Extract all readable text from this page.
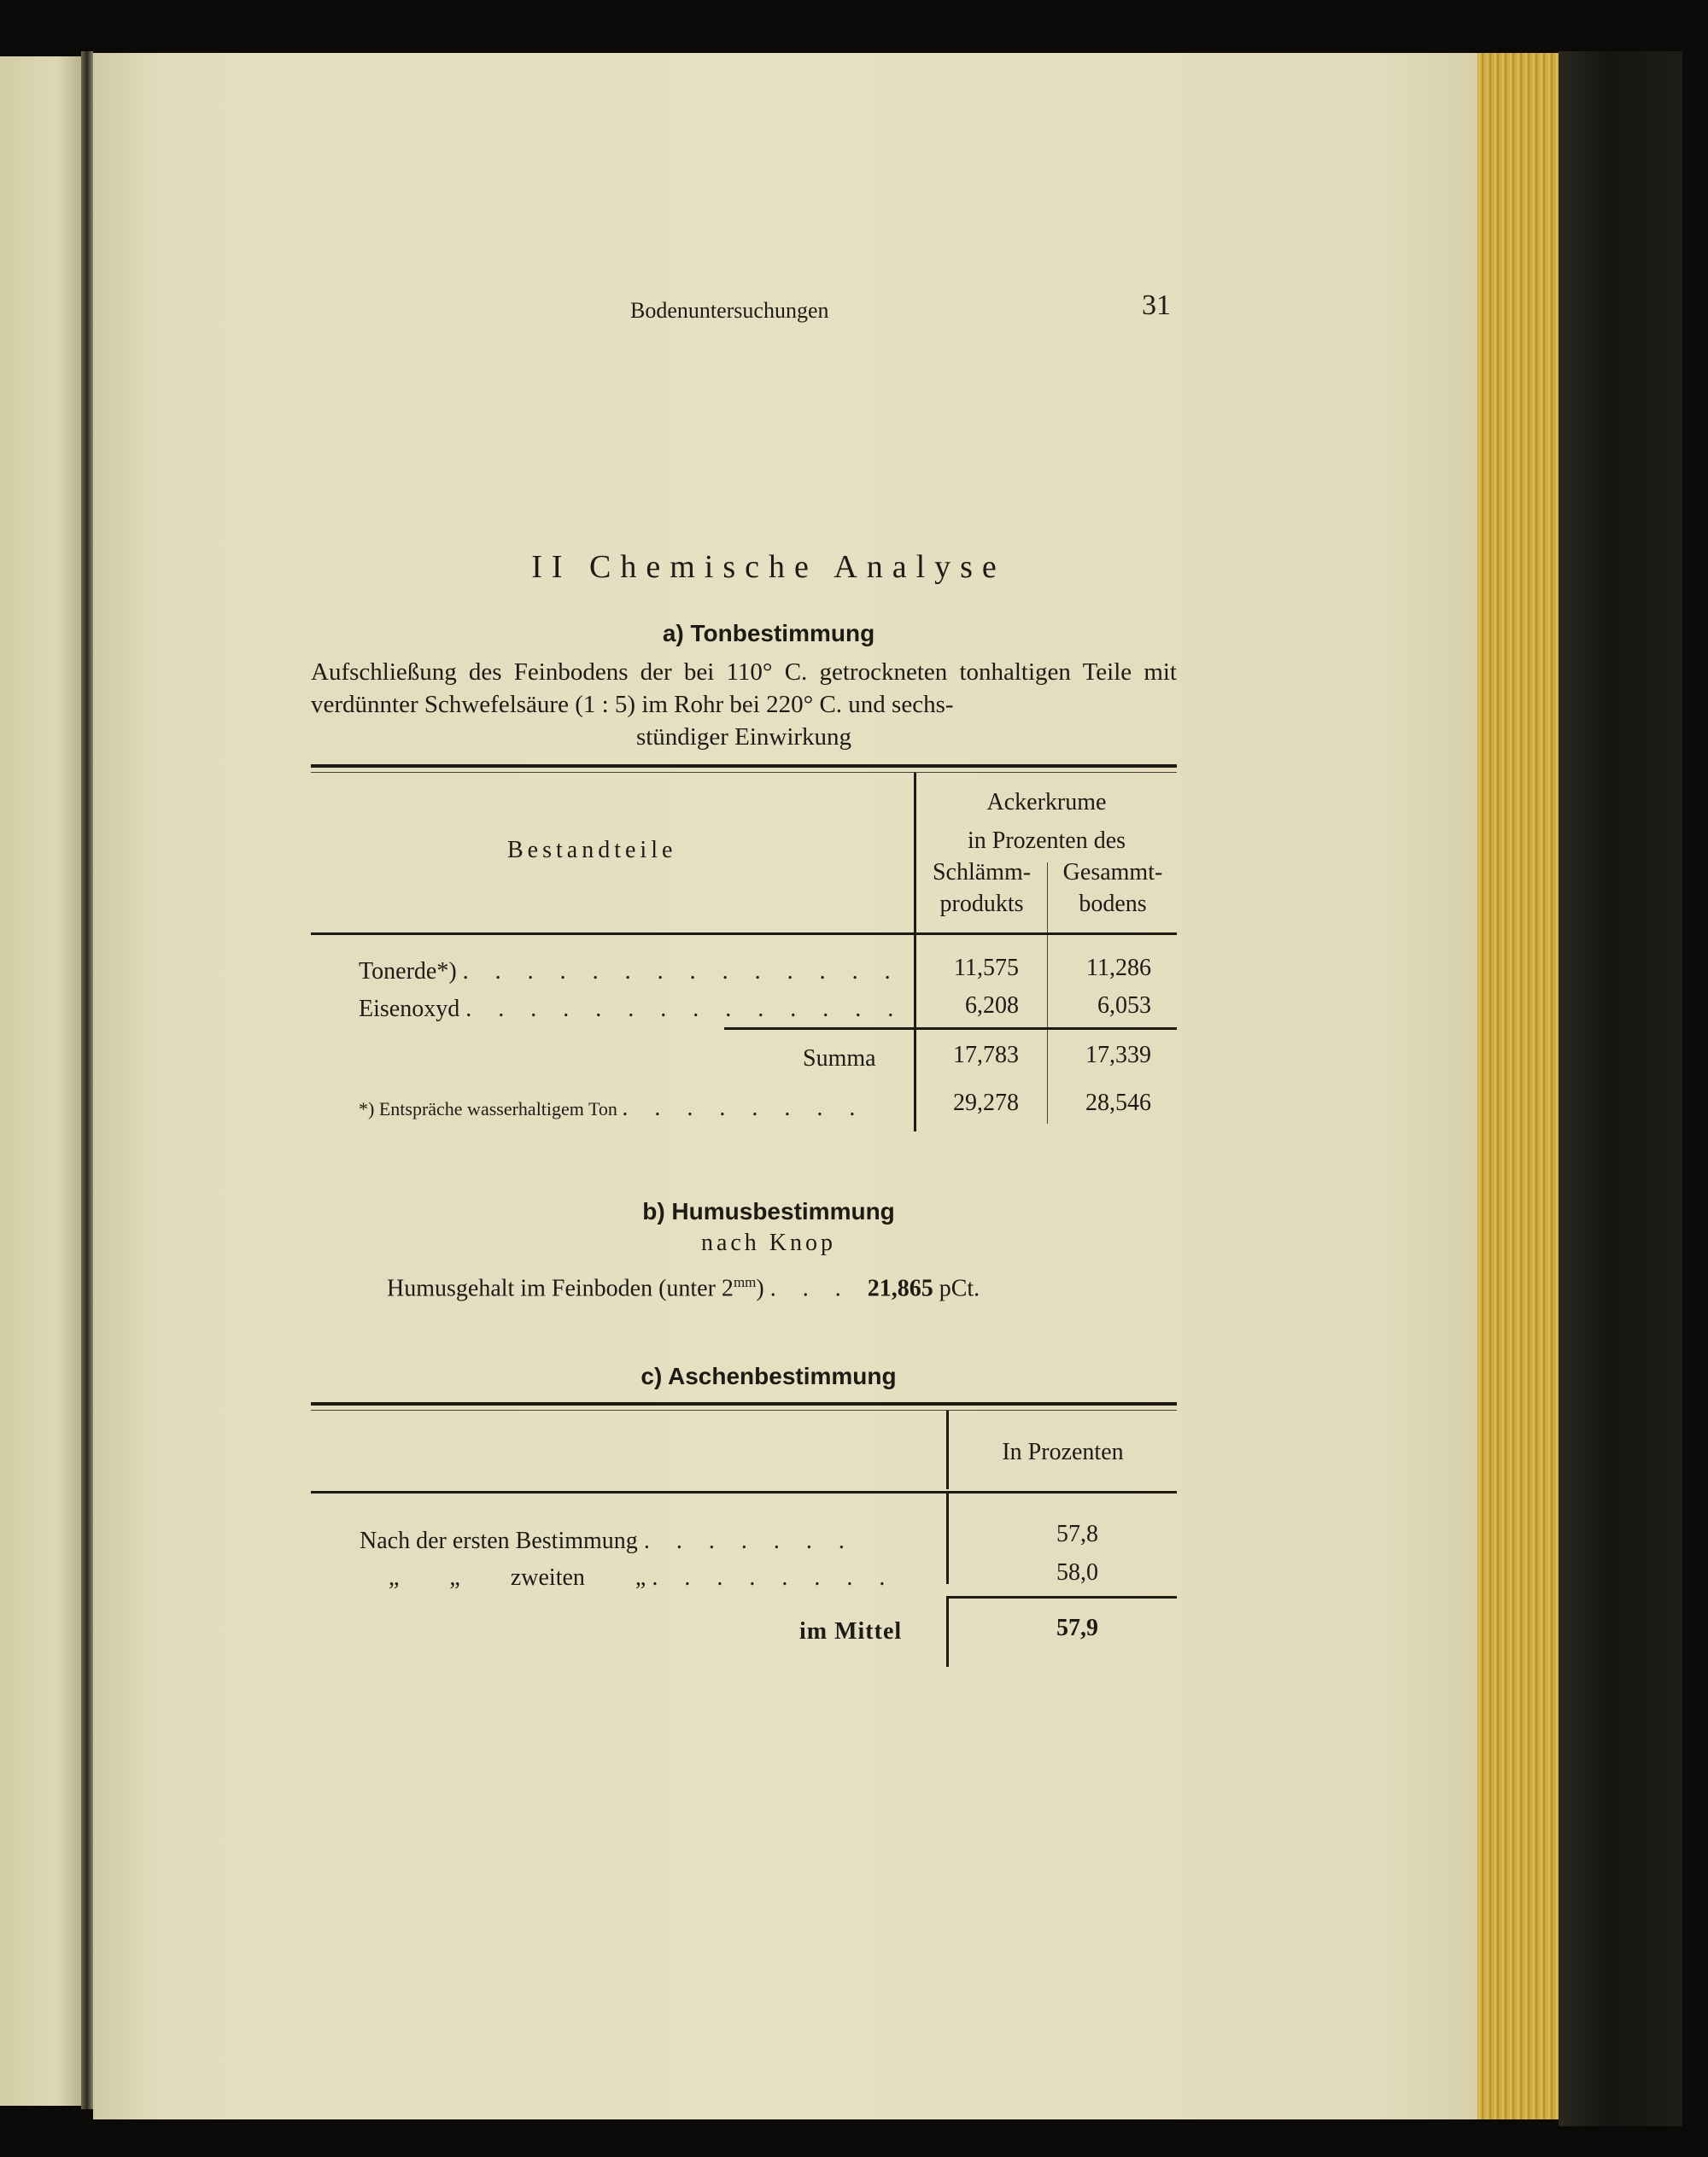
Bodenuntersuchungen	31
II Chemische Analyse
a) Tonbestimmung
Aufschließung des Feinbodens der bei 110° C. getrockneten tonhaltigen Teile mit verdünnter Schwefelsäure (1 : 5) im Rohr bei 220° C. und sechs-
stündiger Einwirkung
Bestandteile
Ackerkrume
in Prozenten des
Schlämm-
produkts
Gesammt-
bodens
Tonerde*) . . . . . . . . . . . . . .	11,575	11,286
Eisenoxyd . . . . . . . . . . . . . .	6,208	6,053
Summa	17,783	17,339
*) Entspräche wasserhaltigem Ton . . . . . . . .	29,278	28,546
b) Humusbestimmung
nach Knop
Humusgehalt im Feinboden (unter $2^{mm}$) . . . 21,865 pCt.
c) Aschenbestimmung
In Prozenten
Nach der ersten Bestimmung . . . . . . .	57,8
„ „ zweiten „ . . . . . . . .	58,0
im Mittel	57,9
